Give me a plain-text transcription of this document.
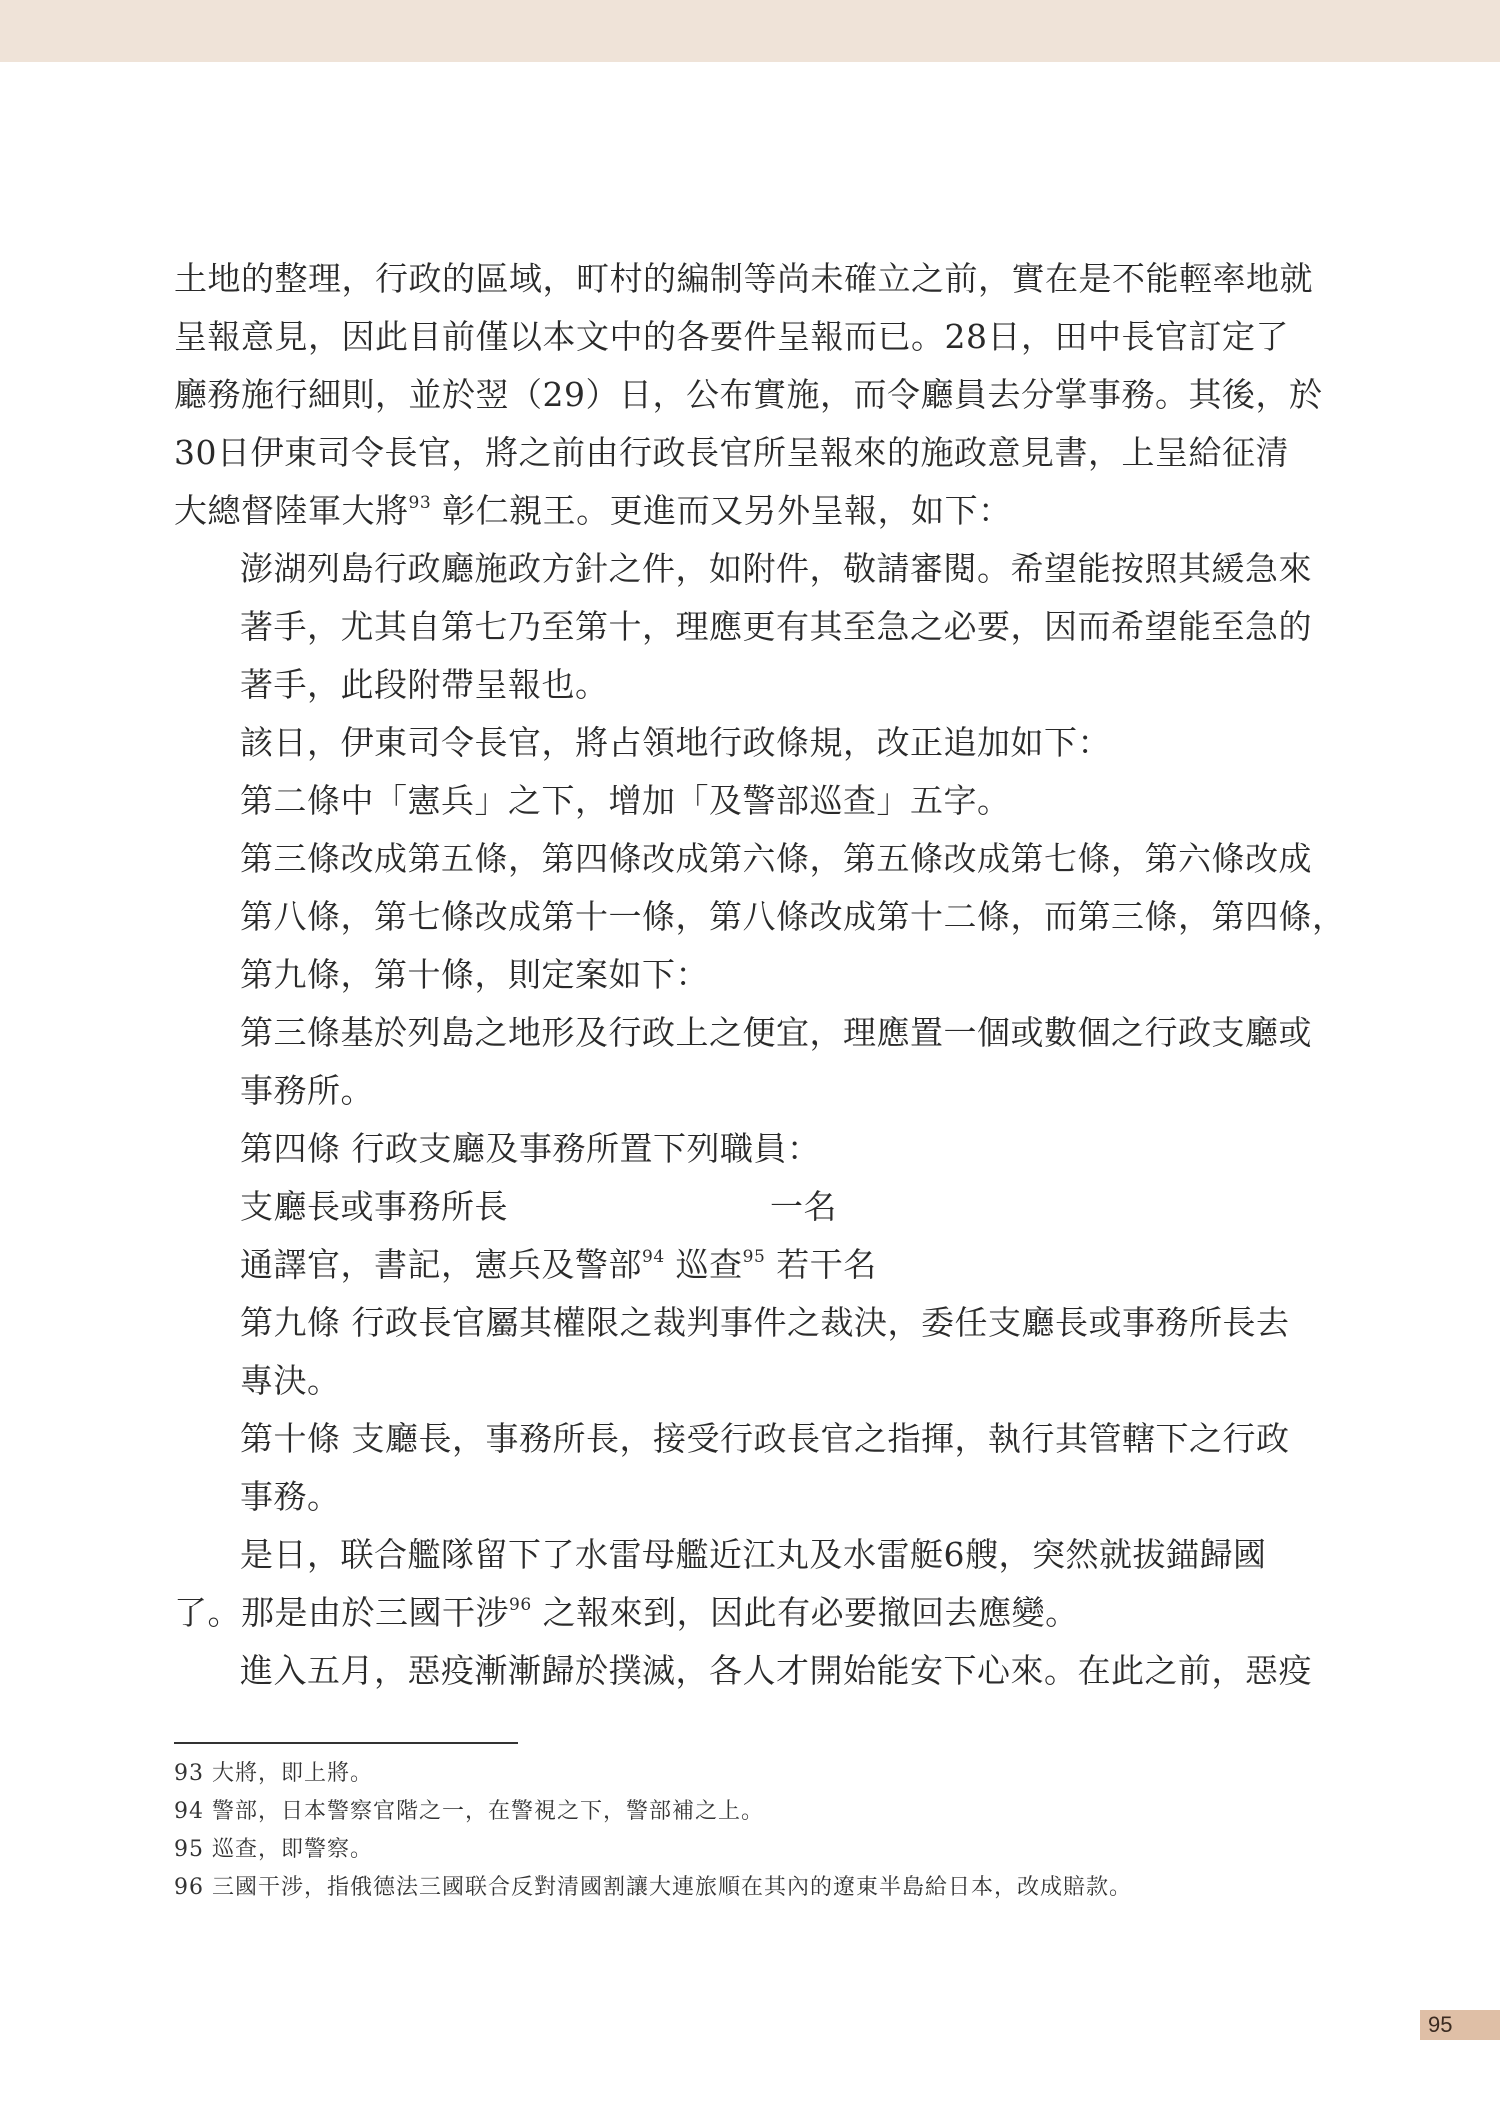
土地的整理，行政的區域，町村的編制等尚未確立之前，實在是不能輕率地就
呈報意見，因此目前僅以本文中的各要件呈報而已。28日，田中長官訂定了
廳務施行細則，並於翌（29）日，公布實施，而令廳員去分掌事務。其後，於
30日伊東司令長官，將之前由行政長官所呈報來的施政意見書，上呈給征清
大總督陸軍大將$^{93}$ 彰仁親王。更進而又另外呈報，如下：
澎湖列島行政廳施政方針之件，如附件，敬請審閱。希望能按照其緩急來
著手，尤其自第七乃至第十，理應更有其至急之必要，因而希望能至急的
著手，此段附帶呈報也。
該日，伊東司令長官，將占領地行政條規，改正追加如下：
第二條中「憲兵」之下，增加「及警部巡查」五字。
第三條改成第五條，第四條改成第六條，第五條改成第七條，第六條改成
第八條，第七條改成第十一條，第八條改成第十二條，而第三條，第四條，
第九條，第十條，則定案如下：
第三條基於列島之地形及行政上之便宜，理應置一個或數個之行政支廳或
事務所。
第四條 行政支廳及事務所置下列職員：
支廳長或事務所長	一名
通譯官，書記，憲兵及警部$^{94}$ 巡查$^{95}$ 若干名
第九條 行政長官屬其權限之裁判事件之裁決，委任支廳長或事務所長去
專決。
第十條 支廳長，事務所長，接受行政長官之指揮，執行其管轄下之行政
事務。
是日，联合艦隊留下了水雷母艦近江丸及水雷艇6艘，突然就拔錨歸國
了。那是由於三國干涉$^{96}$ 之報來到，因此有必要撤回去應變。
進入五月，惡疫漸漸歸於撲滅，各人才開始能安下心來。在此之前，惡疫
93 大將，即上將。
94 警部，日本警察官階之一，在警視之下，警部補之上。
95 巡查，即警察。
96 三國干涉，指俄德法三國联合反對清國割讓大連旅順在其內的遼東半島給日本，改成賠款。
95
